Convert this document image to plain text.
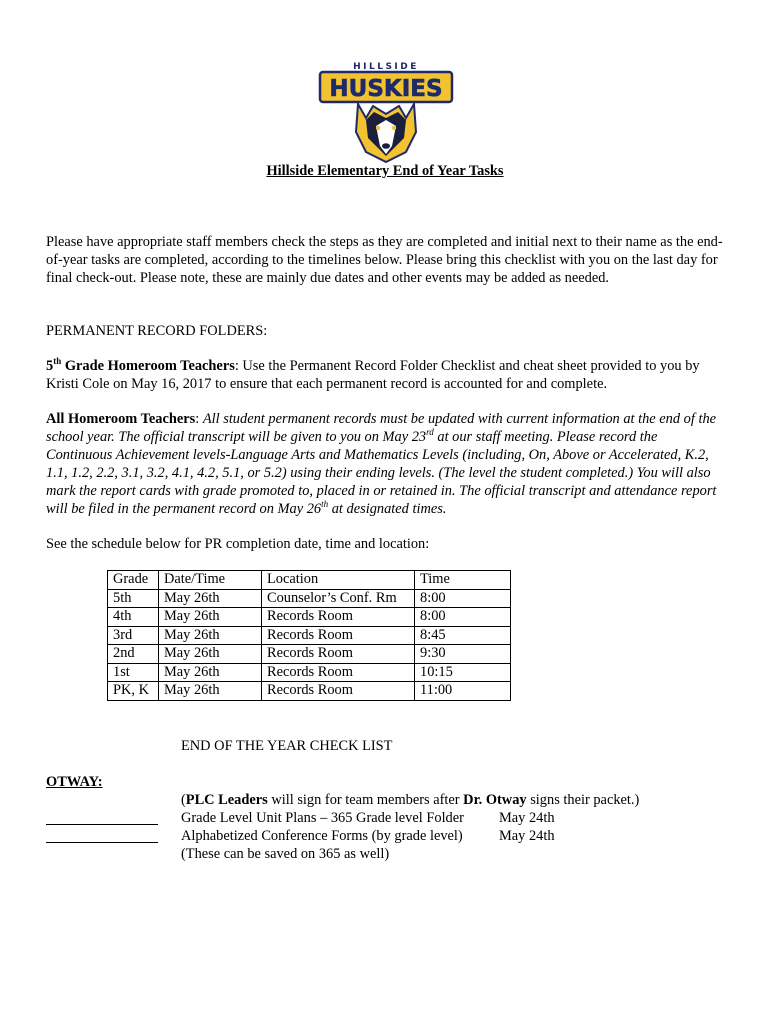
HILLSIDE
HUSKIES
Hillside Elementary End of Year Tasks
Please have appropriate staff members check the steps as they are completed and initial next to their name as the end-of-year tasks are completed, according to the timelines below. Please bring this checklist with you on the last day for final check-out. Please note, these are mainly due dates and other events may be added as needed.
PERMANENT RECORD FOLDERS:
5th Grade Homeroom Teachers: Use the Permanent Record Folder Checklist and cheat sheet provided to you by Kristi Cole on May 16, 2017 to ensure that each permanent record is accounted for and complete.
All Homeroom Teachers: All student permanent records must be updated with current information at the end of the school year. The official transcript will be given to you on May 23rd at our staff meeting. Please record the Continuous Achievement levels-Language Arts and Mathematics Levels (including, On, Above or Accelerated, K.2, 1.1, 1.2, 2.2, 3.1, 3.2, 4.1, 4.2, 5.1, or 5.2) using their ending levels. (The level the student completed.) You will also mark the report cards with grade promoted to, placed in or retained in. The official transcript and attendance report will be filed in the permanent record on May 26th at designated times.
See the schedule below for PR completion date, time and location:
Grade	Date/Time	Location	Time
5th	May 26th	Counselor’s Conf. Rm	8:00
4th	May 26th	Records Room	8:00
3rd	May 26th	Records Room	8:45
2nd	May 26th	Records Room	9:30
1st	May 26th	Records Room	10:15
PK, K	May 26th	Records Room	11:00
END OF THE YEAR CHECK LIST
OTWAY:
(PLC Leaders will sign for team members after Dr. Otway signs their packet.)
Grade Level Unit Plans – 365 Grade level Folder May 24th
Alphabetized Conference Forms (by grade level)	May 24th
(These can be saved on 365 as well)
